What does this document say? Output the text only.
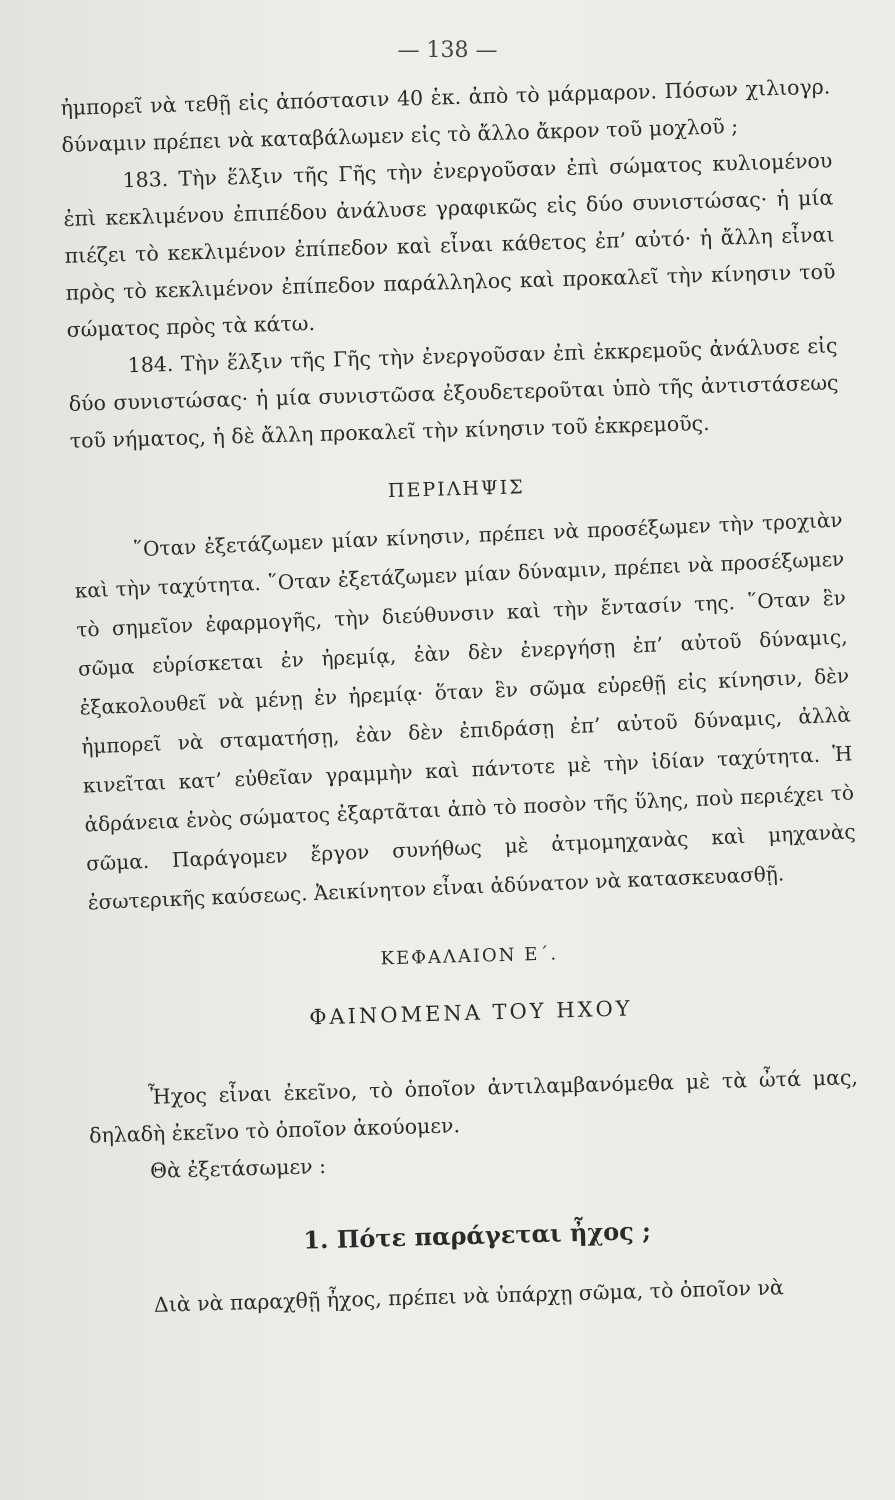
— 138 —

ἠμπορεῖ νὰ τεθῇ εἰς ἀπόστασιν 40 ἑκ. ἀπὸ τὸ μάρμαρον. Πόσων χιλιογρ. δύναμιν πρέπει νὰ καταβάλωμεν εἰς τὸ ἄλλο ἄκρον τοῦ μοχλοῦ ;

183. Τὴν ἕλξιν τῆς Γῆς τὴν ἐνεργοῦσαν ἐπὶ σώματος κυλιομένου ἐπὶ κεκλιμένου ἐπιπέδου ἀνάλυσε γραφικῶς εἰς δύο συνιστώσας· ἡ μία πιέζει τὸ κεκλιμένον ἐπίπεδον καὶ εἶναι κάθετος ἐπ’ αὐτό· ἡ ἄλλη εἶναι πρὸς τὸ κεκλιμένον ἐπίπεδον παράλληλος καὶ προκαλεῖ τὴν κίνησιν τοῦ σώματος πρὸς τὰ κάτω.

184. Τὴν ἕλξιν τῆς Γῆς τὴν ἐνεργοῦσαν ἐπὶ ἐκκρεμοῦς ἀνάλυσε εἰς δύο συνιστώσας· ἡ μία συνιστῶσα ἐξουδετεροῦται ὑπὸ τῆς ἀντιστάσεως τοῦ νήματος, ἡ δὲ ἄλλη προκαλεῖ τὴν κίνησιν τοῦ ἐκκρεμοῦς.

ΠΕΡΙΛΗΨΙΣ

῞Οταν ἐξετάζωμεν μίαν κίνησιν, πρέπει νὰ προσέξωμεν τὴν τροχιὰν καὶ τὴν ταχύτητα. ῞Οταν ἐξετάζωμεν μίαν δύναμιν, πρέπει νὰ προσέξωμεν τὸ σημεῖον ἐφαρμογῆς, τὴν διεύθυνσιν καὶ τὴν ἔντασίν της. ῞Οταν ἓν σῶμα εὑρίσκεται ἐν ἠρεμίᾳ, ἐὰν δὲν ἐνεργήσῃ ἐπ’ αὐτοῦ δύναμις, ἐξακολουθεῖ νὰ μένῃ ἐν ἠρεμίᾳ· ὅταν ἓν σῶμα εὑρεθῇ εἰς κίνησιν, δὲν ἠμπορεῖ νὰ σταματήσῃ, ἐὰν δὲν ἐπιδράσῃ ἐπ’ αὐτοῦ δύναμις, ἀλλὰ κινεῖται κατ’ εὐθεῖαν γραμμὴν καὶ πάντοτε μὲ τὴν ἰδίαν ταχύτητα. Ἡ ἀδράνεια ἑνὸς σώματος ἐξαρτᾶται ἀπὸ τὸ ποσὸν τῆς ὕλης, ποὺ περιέχει τὸ σῶμα. Παράγομεν ἔργον συνήθως μὲ ἀτμομηχανὰς καὶ μηχανὰς ἐσωτερικῆς καύσεως. Ἀεικίνητον εἶναι ἀδύνατον νὰ κατασκευασθῇ.

ΚΕΦΑΛΑΙΟΝ Ε΄.
ΦΑΙΝΟΜΕΝΑ ΤΟΥ ΗΧΟΥ

Ἦχος εἶναι ἐκεῖνο, τὸ ὁποῖον ἀντιλαμβανόμεθα μὲ τὰ ὦτά μας, δηλαδὴ ἐκεῖνο τὸ ὁποῖον ἀκούομεν.

Θὰ ἐξετάσωμεν :

1. Πότε παράγεται ἦχος ;

Διὰ νὰ παραχθῇ ἦχος, πρέπει νὰ ὑπάρχῃ σῶμα, τὸ ὁποῖον νὰ
